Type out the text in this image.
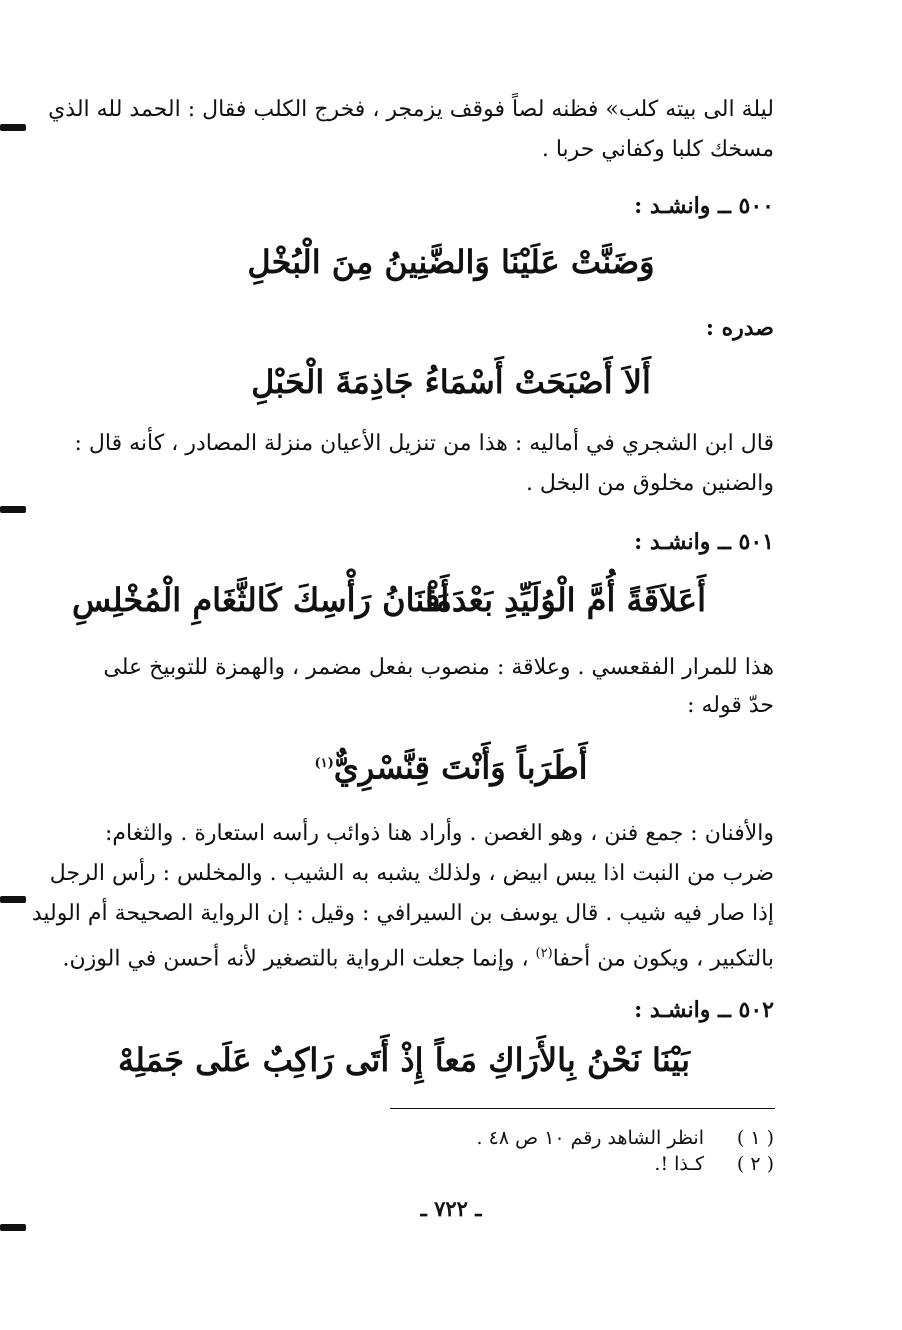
ليلة الى بيته كلب» فظنه لصاً فوقف يزمجر ، فخرج الكلب فقال : الحمد لله الذي
مسخك كلبا وكفاني حربا .
٥٠٠ ــ وانشـد :
وَضَنَّتْ عَلَيْنَا وَالضَّنِينُ مِنَ الْبُخْلِ
صدره :
أَلاَ أَصْبَحَتْ أَسْمَاءُ جَاذِمَةَ الْحَبْلِ
قال ابن الشجري في أماليه : هذا من تنزيل الأعيان منزلة المصادر ، كأنه قال :
والضنين مخلوق من البخل .
٥٠١ ــ وانشـد :
أَعَلاَقَةً أُمَّ الْوُلَيِّدِ بَعْدَمَا
أَفْنَانُ رَأْسِكَ كَالثَّغَامِ الْمُخْلِسِ
هذا للمرار الفقعسي . وعلاقة : منصوب بفعل مضمر ، والهمزة للتوبيخ على
حدّ قوله :
أَطَرَباً وَأَنْتَ قِنَّسْرِيٌّ$^{(١)}$
والأفنان : جمع فنن ، وهو الغصن . وأراد هنا ذوائب رأسه استعارة . والثغام:
ضرب من النبت اذا يبس ابيض ، ولذلك يشبه به الشيب . والمخلس : رأس الرجل
إذا صار فيه شيب . قال يوسف بن السيرافي : وقيل : إن الرواية الصحيحة أم الوليد
بالتكبير ، ويكون من أحفا$^{(٢)}$ ، وإنما جعلت الرواية بالتصغير لأنه أحسن في الوزن.
٥٠٢ ــ وانشـد :
بَيْنَا نَحْنُ بِالأَرَاكِ مَعاً
إِذْ أَتَى رَاكِبٌ عَلَى جَمَلِهْ
( ١ )انظر الشاهد رقم ١٠ ص ٤٨ .
( ٢ )كـذا !.
ـ ٧٢٢ ـ
